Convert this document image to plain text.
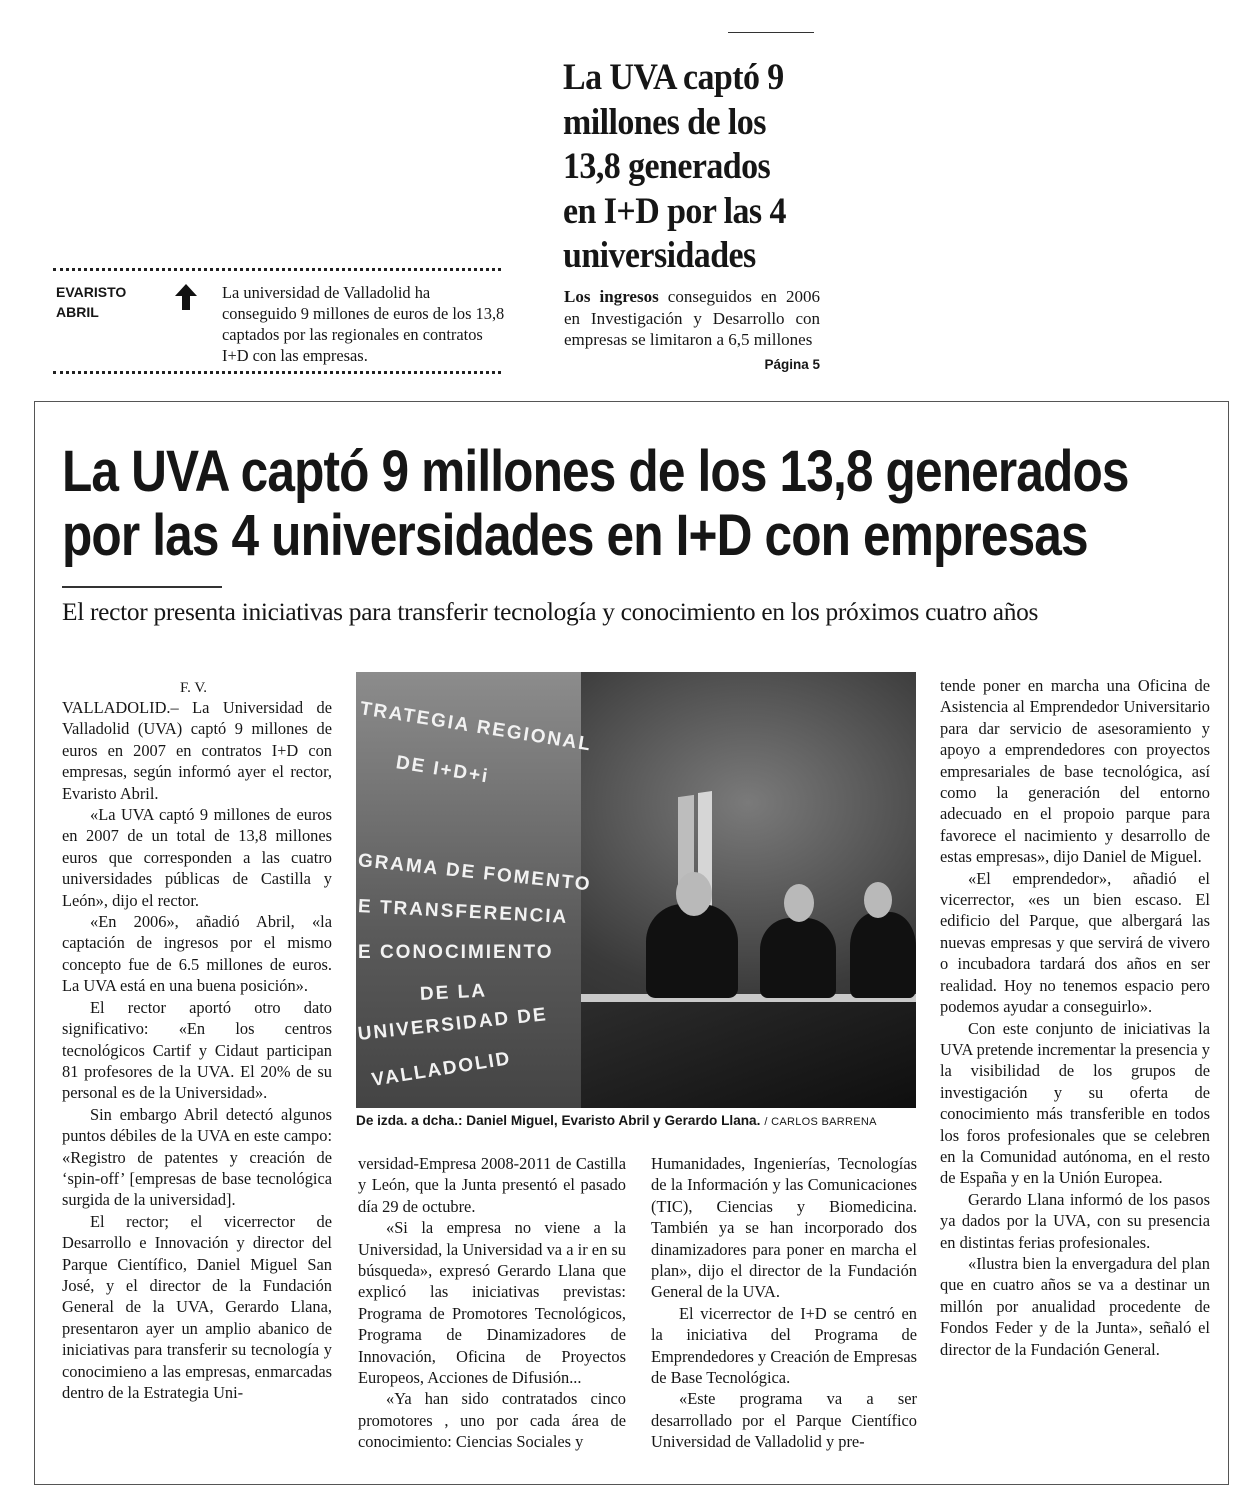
La UVA captó 9 millones de los 13,8 generados en I+D por las 4 universidades
Los ingresos conseguidos en 2006 en Investigación y Desarrollo con empresas se limitaron a 6,5 millones
Página 5
EVARISTO ABRIL
La universidad de Valladolid ha conseguido 9 millones de euros de los 13,8 captados por las regionales en contratos I+D con las empresas.
La UVA captó 9 millones de los 13,8 generados
por las 4 universidades en I+D con empresas
El rector presenta iniciativas para transferir tecnología y conocimiento en los próximos cuatro años
F. V.

VALLADOLID.– La Universidad de Valladolid (UVA) captó 9 millones de euros en 2007 en contratos I+D con empresas, según informó ayer el rector, Evaristo Abril.

«La UVA captó 9 millones de euros en 2007 de un total de 13,8 millones euros que corresponden a las cuatro universidades públicas de Castilla y León», dijo el rector.

«En 2006», añadió Abril, «la captación de ingresos por el mismo concepto fue de 6.5 millones de euros. La UVA está en una buena posición».

El rector aportó otro dato significativo: «En los centros tecnológicos Cartif y Cidaut participan 81 profesores de la UVA. El 20% de su personal es de la Universidad».

Sin embargo Abril detectó algunos puntos débiles de la UVA en este campo: «Registro de patentes y creación de ‘spin-off’ [empresas de base tecnológica surgida de la universidad].

El rector; el vicerrector de Desarrollo e Innovación y director del Parque Científico, Daniel Miguel San José, y el director de la Fundación General de la UVA, Gerardo Llana, presentaron ayer un amplio abanico de iniciativas para transferir su tecnología y conocimieno a las empresas, enmarcadas dentro de la Estrategia Uni-

TRATEGIA REGIONAL
DE I+D+i
GRAMA DE FOMENTO
E TRANSFERENCIA
E CONOCIMIENTO
DE LA
UNIVERSIDAD DE
VALLADOLID
De izda. a dcha.: Daniel Miguel, Evaristo Abril y Gerardo Llana. / CARLOS BARRENA

versidad-Empresa 2008-2011 de Castilla y León, que la Junta presentó el pasado día 29 de octubre.

«Si la empresa no viene a la Universidad, la Universidad va a ir en su búsqueda», expresó Gerardo Llana que explicó las iniciativas previstas: Programa de Promotores Tecnológicos, Programa de Dinamizadores de Innovación, Oficina de Proyectos Europeos, Acciones de Difusión...

«Ya han sido contratados cinco promotores , uno por cada área de conocimiento: Ciencias Sociales y

Humanidades, Ingenierías, Tecnologías de la Información y las Comunicaciones (TIC), Ciencias y Biomedicina. También ya se han incorporado dos dinamizadores para poner en marcha el plan», dijo el director de la Fundación General de la UVA.

El vicerrector de I+D se centró en la iniciativa del Programa de Emprendedores y Creación de Empresas de Base Tecnológica.

«Este programa va a ser desarrollado por el Parque Científico Universidad de Valladolid y pre-

tende poner en marcha una Oficina de Asistencia al Emprendedor Universitario para dar servicio de asesoramiento y apoyo a emprendedores con proyectos empresariales de base tecnológica, así como la generación del entorno adecuado en el propoio parque para favorece el nacimiento y desarrollo de estas empresas», dijo Daniel de Miguel.

«El emprendedor», añadió el vicerrector, «es un bien escaso. El edificio del Parque, que albergará las nuevas empresas y que servirá de vivero o incubadora tardará dos años en ser realidad. Hoy no tenemos espacio pero podemos ayudar a conseguirlo».

Con este conjunto de iniciativas la UVA pretende incrementar la presencia y la visibilidad de los grupos de investigación y su oferta de conocimiento más transferible en todos los foros profesionales que se celebren en la Comunidad autónoma, en el resto de España y en la Unión Europea.

Gerardo Llana informó de los pasos ya dados por la UVA, con su presencia en distintas ferias profesionales.

«Ilustra bien la envergadura del plan que en cuatro años se va a destinar un millón por anualidad procedente de Fondos Feder y de la Junta», señaló el director de la Fundación General.
